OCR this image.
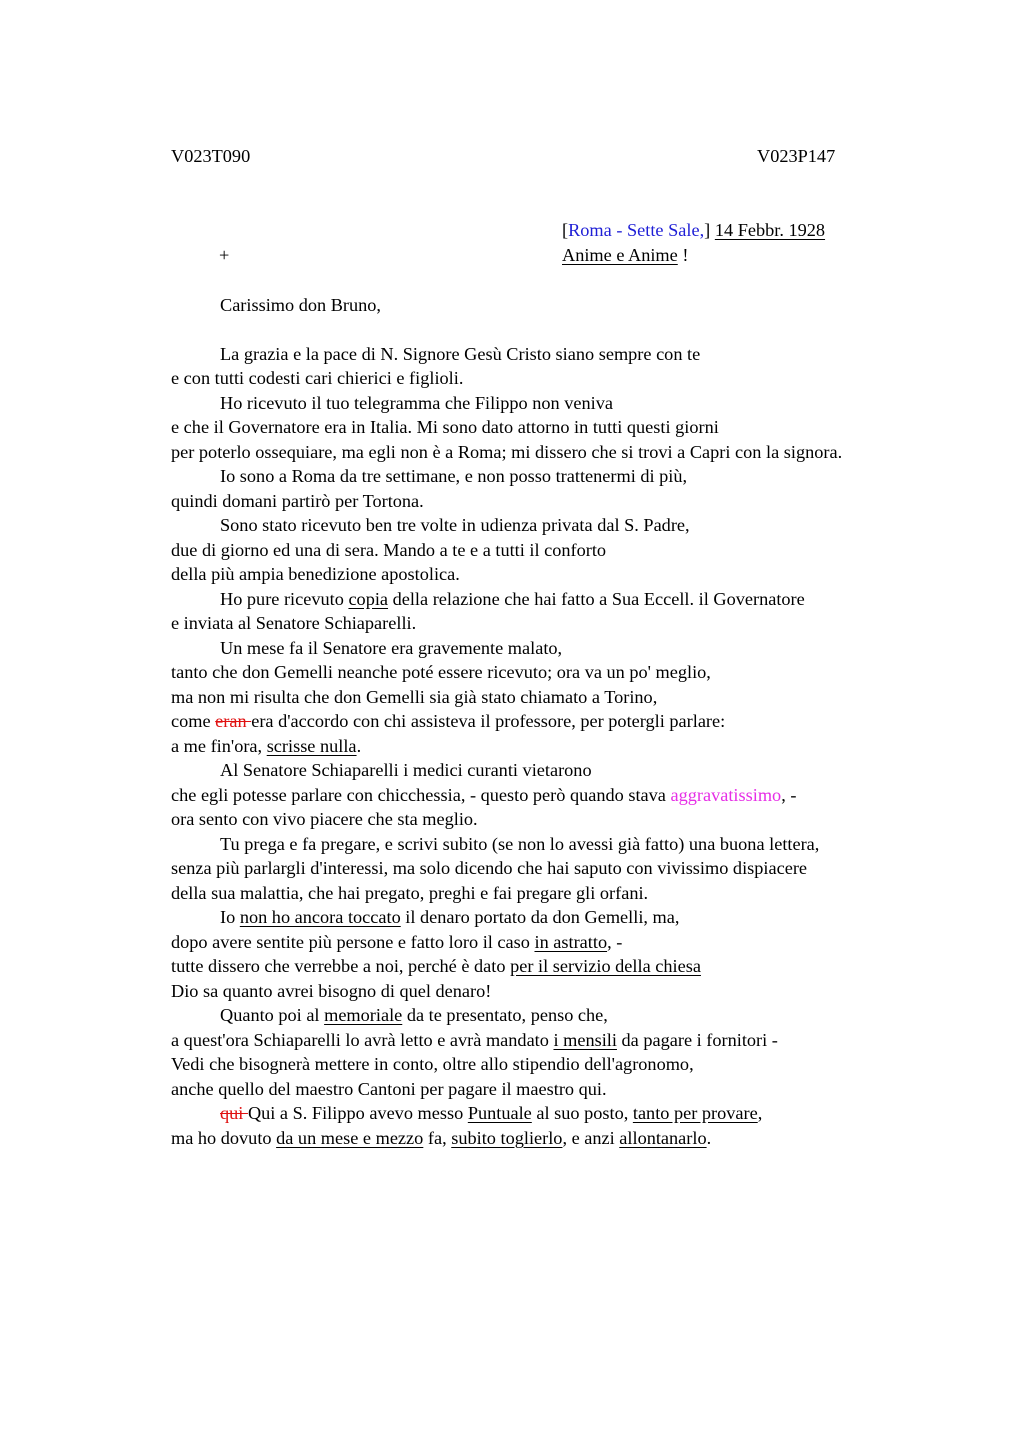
V023T090	V023P147
[Roma - Sette Sale,] 14 Febbr. 1928
+	Anime e Anime !
Carissimo don Bruno,
La grazia e la pace di N. Signore Gesù Cristo siano sempre con te
e con tutti codesti cari chierici e figlioli.
Ho ricevuto il tuo telegramma che Filippo non veniva
e che il Governatore era in Italia. Mi sono dato attorno in tutti questi giorni
per poterlo ossequiare, ma egli non è a Roma; mi dissero che si trovi a Capri con la signora.
Io sono a Roma da tre settimane, e non posso trattenermi di più,
quindi domani partirò per Tortona.
Sono stato ricevuto ben tre volte in udienza privata dal S. Padre,
due di giorno ed una di sera. Mando a te e a tutti il conforto
della più ampia benedizione apostolica.
Ho pure ricevuto copia della relazione che hai fatto a Sua Eccell. il Governatore
e inviata al Senatore Schiaparelli.
Un mese fa il Senatore era gravemente malato,
tanto che don Gemelli neanche poté essere ricevuto; ora va un po' meglio,
ma non mi risulta che don Gemelli sia già stato chiamato a Torino,
come eran era d'accordo con chi assisteva il professore, per potergli parlare:
a me fin'ora, scrisse nulla.
Al Senatore Schiaparelli i medici curanti vietarono
che egli potesse parlare con chicchessia, - questo però quando stava aggravatissimo, -
ora sento con vivo piacere che sta meglio.
Tu prega e fa pregare, e scrivi subito (se non lo avessi già fatto) una buona lettera,
senza più parlargli d'interessi, ma solo dicendo che hai saputo con vivissimo dispiacere
della sua malattia, che hai pregato, preghi e fai pregare gli orfani.
Io non ho ancora toccato il denaro portato da don Gemelli, ma,
dopo avere sentite più persone e fatto loro il caso in astratto, -
tutte dissero che verrebbe a noi, perché è dato per il servizio della chiesa
Dio sa quanto avrei bisogno di quel denaro!
Quanto poi al memoriale da te presentato, penso che,
a quest'ora Schiaparelli lo avrà letto e avrà mandato i mensili da pagare i fornitori -
Vedi che bisognerà mettere in conto, oltre allo stipendio dell'agronomo,
anche quello del maestro Cantoni per pagare il maestro qui.
qui Qui a S. Filippo avevo messo Puntuale al suo posto, tanto per provare,
ma ho dovuto da un mese e mezzo fa, subito toglierlo, e anzi allontanarlo.
